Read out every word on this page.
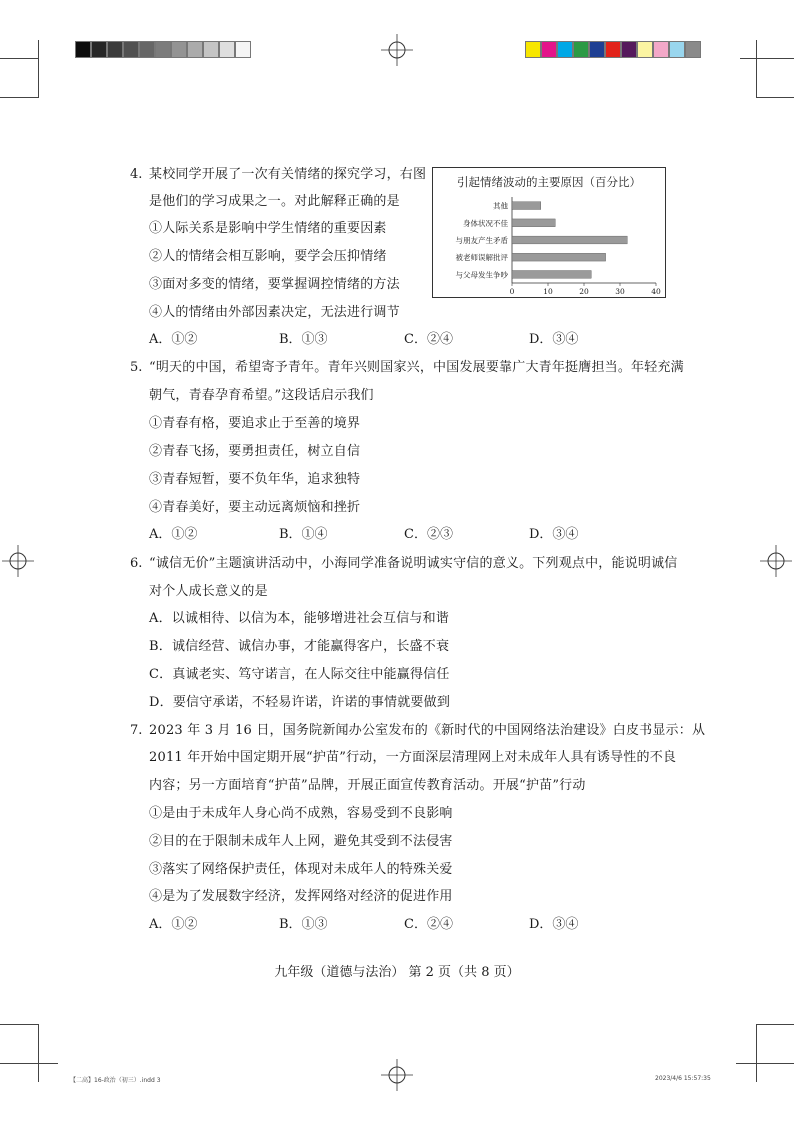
4. 某校同学开展了一次有关情绪的探究学习，右图
是他们的学习成果之一。对此解释正确的是
①人际关系是影响中学生情绪的重要因素
②人的情绪会相互影响，要学会压抑情绪
③面对多变的情绪，要掌握调控情绪的方法
④人的情绪由外部因素决定，无法进行调节
A．①②	B．①③	C．②④	D．③④
引起情绪波动的主要原因（百分比）
其他
身体状况不佳
与朋友产生矛盾
被老师误解批评
与父母发生争吵
0	10	20	30	40
5. “明天的中国，希望寄予青年。青年兴则国家兴，中国发展要靠广大青年挺膺担当。年轻充满
朝气，青春孕育希望。”这段话启示我们
①青春有格，要追求止于至善的境界
②青春飞扬，要勇担责任，树立自信
③青春短暂，要不负年华，追求独特
④青春美好，要主动远离烦恼和挫折
A．①②	B．①④	C．②③	D．③④
6. “诚信无价”主题演讲活动中，小海同学准备说明诚实守信的意义。下列观点中，能说明诚信
对个人成长意义的是
A．以诚相待、以信为本，能够增进社会互信与和谐
B．诚信经营、诚信办事，才能赢得客户，长盛不衰
C．真诚老实、笃守诺言，在人际交往中能赢得信任
D．要信守承诺，不轻易许诺，许诺的事情就要做到
7. 2023 年 3 月 16 日，国务院新闻办公室发布的《新时代的中国网络法治建设》白皮书显示：从
2011 年开始中国定期开展“护苗”行动，一方面深层清理网上对未成年人具有诱导性的不良
内容；另一方面培育“护苗”品牌，开展正面宣传教育活动。开展“护苗”行动
①是由于未成年人身心尚不成熟，容易受到不良影响
②目的在于限制未成年人上网，避免其受到不法侵害
③落实了网络保护责任，体现对未成年人的特殊关爱
④是为了发展数字经济，发挥网络对经济的促进作用
A．①②	B．①③	C．②④	D．③④
九年级（道德与法治） 第 2 页（共 8 页）
【二高】16-政治（初三）.indd 3	2023/4/6 15:57:35
